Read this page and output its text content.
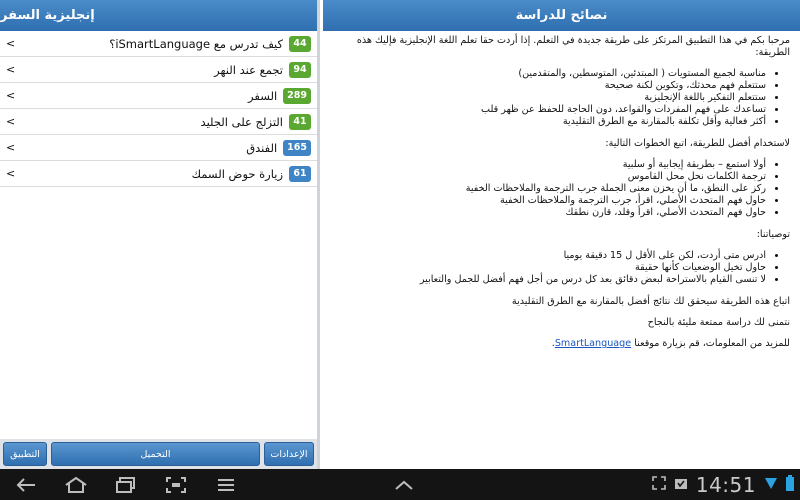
إنجليزية السفر
<	كيف تدرس مع iSmartLanguage؟	44
<	تجمع عند النهر	94
<	السفر	289
<	التزلج على الجليد	41
<	الفندق	165
<	زيارة حوض السمك	61
التطبيق	التحميل	الإعدادات
نصائح للدراسة

مرحبا بكم في هذا التطبيق المرتكز على طريقة جديدة في التعلم. إذا أردت حقا تعلم اللغة الإنجليزية فإليك هذه الطريقة:

• مناسبة لجميع المستويات ( المبتدئين، المتوسطين، والمتقدمين)
• ستتعلم فهم محدثك، وتكوين لكنة صحيحة
• ستتعلم التفكير باللغة الإنجليزية
• تساعدك على فهم المفردات والقواعد، دون الحاجة للحفظ عن ظهر قلب
• أكثر فعالية وأقل تكلفة بالمقارنة مع الطرق التقليدية

لاستخدام أفضل للطريقة، اتبع الخطوات التالية:

• أولا استمع – بطريقة إيجابية أو سلبية
• ترجمة الكلمات نحل محل القاموس
• ركز على النطق، ما أن يخزن معنى الجملة جرب الترجمة والملاحظات الخفية
• حاول فهم المتحدث الأصلي، اقرأ، جرب الترجمة والملاحظات الخفية
• حاول فهم المتحدث الأصلي، اقرأ وقلد، قارن نطقك

توصياتنا:

• ادرس متى أردت، لكن على الأقل ل 15 دقيقة يوميا
• حاول تخيل الوضعيات كأنها حقيقة
• لا تنسى القيام بالاستراحة لبعض دقائق بعد كل درس من أجل فهم أفضل للجمل والتعابير

اتباع هذه الطريقة سيحقق لك نتائج أفضل بالمقارنة مع الطرق التقليدية

نتمنى لك دراسة ممتعة مليئة بالنجاح

للمزيد من المعلومات، قم بزيارة موقعنا SmartLanguage.

14:51
